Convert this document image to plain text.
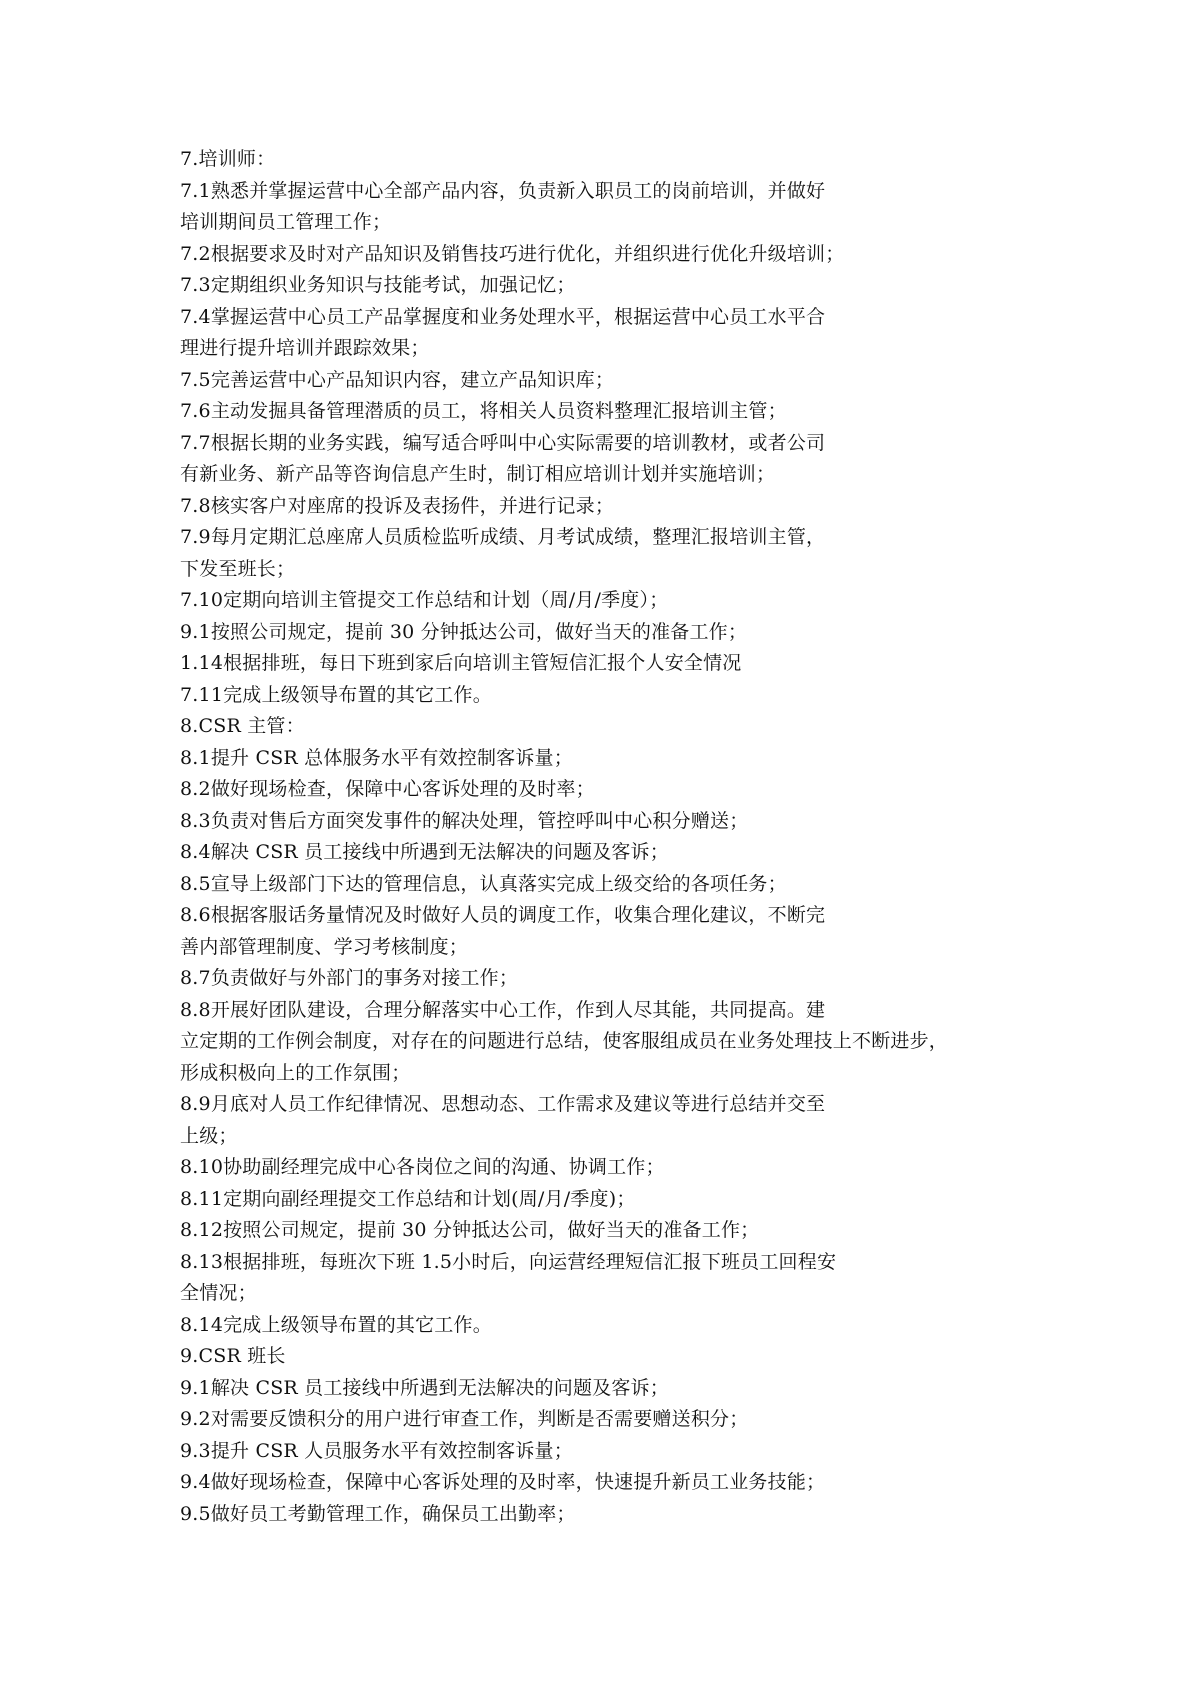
7.培训师：
7.1熟悉并掌握运营中心全部产品内容，负责新入职员工的岗前培训，并做好
培训期间员工管理工作；
7.2根据要求及时对产品知识及销售技巧进行优化，并组织进行优化升级培训；
7.3定期组织业务知识与技能考试，加强记忆；
7.4掌握运营中心员工产品掌握度和业务处理水平，根据运营中心员工水平合
理进行提升培训并跟踪效果；
7.5完善运营中心产品知识内容，建立产品知识库；
7.6主动发掘具备管理潜质的员工，将相关人员资料整理汇报培训主管；
7.7根据长期的业务实践，编写适合呼叫中心实际需要的培训教材，或者公司
有新业务、新产品等咨询信息产生时，制订相应培训计划并实施培训；
7.8核实客户对座席的投诉及表扬件，并进行记录；
7.9每月定期汇总座席人员质检监听成绩、月考试成绩，整理汇报培训主管，
下发至班长；
7.10定期向培训主管提交工作总结和计划（周/月/季度）；
9.1按照公司规定，提前 30 分钟抵达公司，做好当天的准备工作；
1.14根据排班，每日下班到家后向培训主管短信汇报个人安全情况
7.11完成上级领导布置的其它工作。
8.CSR 主管：
8.1提升 CSR 总体服务水平有效控制客诉量；
8.2做好现场检查，保障中心客诉处理的及时率；
8.3负责对售后方面突发事件的解决处理，管控呼叫中心积分赠送；
8.4解决 CSR 员工接线中所遇到无法解决的问题及客诉；
8.5宣导上级部门下达的管理信息，认真落实完成上级交给的各项任务；
8.6根据客服话务量情况及时做好人员的调度工作，收集合理化建议，不断完
善内部管理制度、学习考核制度；
8.7负责做好与外部门的事务对接工作；
8.8开展好团队建设，合理分解落实中心工作，作到人尽其能，共同提高。建
立定期的工作例会制度，对存在的问题进行总结，使客服组成员在业务处理技上不断进步，
形成积极向上的工作氛围；
8.9月底对人员工作纪律情况、思想动态、工作需求及建议等进行总结并交至
上级；
8.10协助副经理完成中心各岗位之间的沟通、协调工作；
8.11定期向副经理提交工作总结和计划(周/月/季度)；
8.12按照公司规定，提前 30 分钟抵达公司，做好当天的准备工作；
8.13根据排班，每班次下班 1.5小时后，向运营经理短信汇报下班员工回程安
全情况；
8.14完成上级领导布置的其它工作。
9.CSR 班长
9.1解决 CSR 员工接线中所遇到无法解决的问题及客诉；
9.2对需要反馈积分的用户进行审查工作，判断是否需要赠送积分；
9.3提升 CSR 人员服务水平有效控制客诉量；
9.4做好现场检查，保障中心客诉处理的及时率，快速提升新员工业务技能；
9.5做好员工考勤管理工作，确保员工出勤率；
